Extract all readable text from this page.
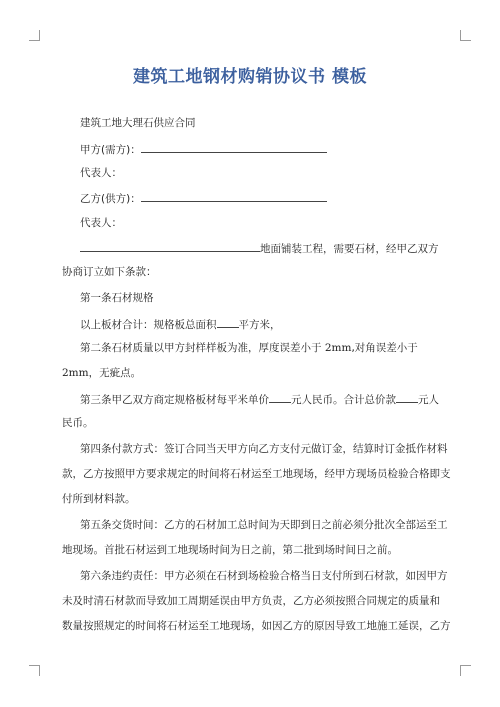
建筑工地钢材购销协议书 模板
建筑工地大理石供应合同
甲方(需方)：
代表人：
乙方(供方)：
代表人：
地面铺装工程，需要石材，经甲乙双方
协商订立如下条款：
第一条石材规格
以上板材合计：规格板总面积 平方米，
第二条石材质量以甲方封样样板为准，厚度误差小于 2mm,对角误差小于
2mm，无疵点。
第三条甲乙双方商定规格板材每平米单价 元人民币。合计总价款 元人
民币。
第四条付款方式：签订合同当天甲方向乙方支付元做订金，结算时订金抵作材料
款，乙方按照甲方要求规定的时间将石材运至工地现场，经甲方现场员检验合格即支
付所到材料款。
第五条交货时间：乙方的石材加工总时间为天即到日之前必须分批次全部运至工
地现场。首批石材运到工地现场时间为日之前，第二批到场时间日之前。
第六条违约责任：甲方必须在石材到场检验合格当日支付所到石材款，如因甲方
未及时清石材款而导致加工周期延误由甲方负责，乙方必须按照合同规定的质量和
数量按照规定的时间将石材运至工地现场，如因乙方的原因导致工地施工延误，乙方
